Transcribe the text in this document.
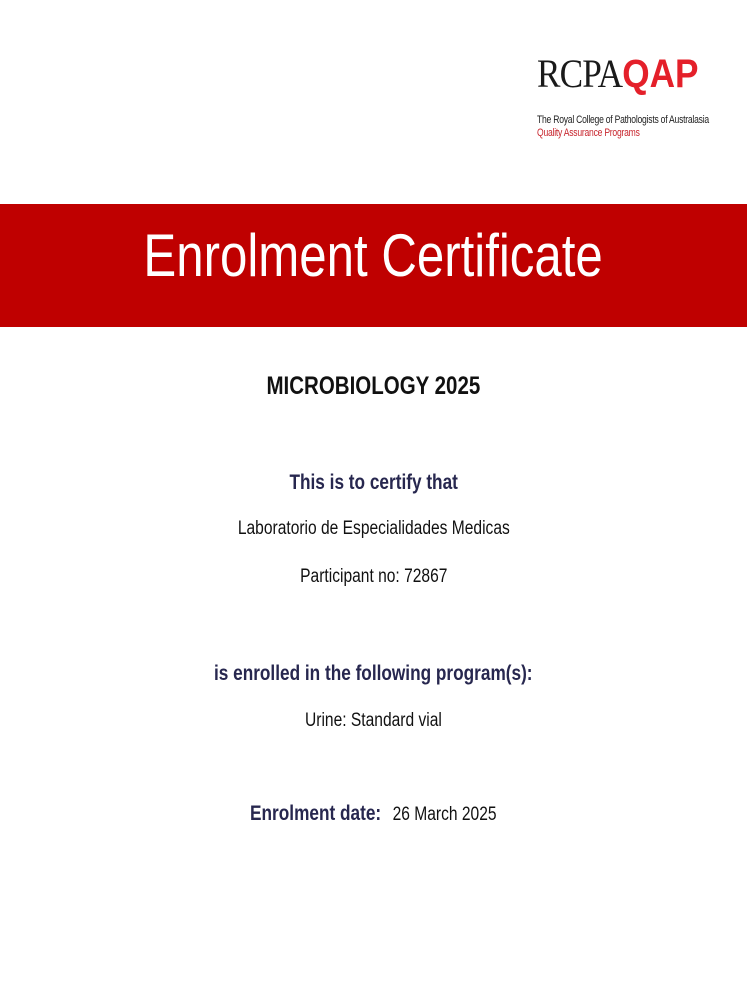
RCPAQAP
The Royal College of Pathologists of Australasia
Quality Assurance Programs
Enrolment Certificate
MICROBIOLOGY 2025
This is to certify that
Laboratorio de Especialidades Medicas
Participant no: 72867
is enrolled in the following program(s):
Urine: Standard vial
Enrolment date: 26 March 2025
